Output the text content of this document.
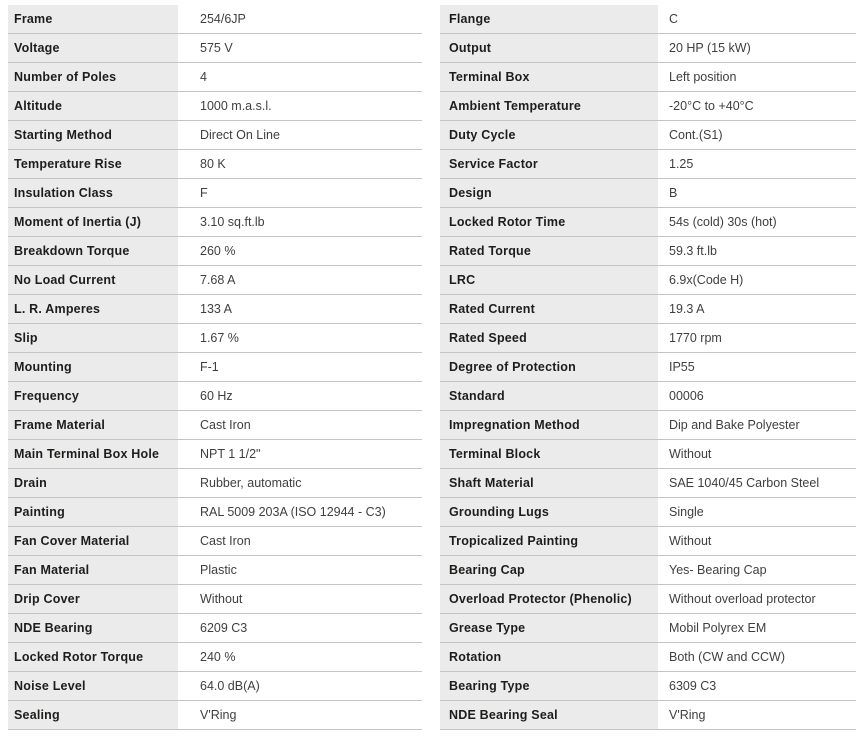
Frame	254/6JP
Voltage	575 V
Number of Poles	4
Altitude	1000 m.a.s.l.
Starting Method	Direct On Line
Temperature Rise	80 K
Insulation Class	F
Moment of Inertia (J)	3.10 sq.ft.lb
Breakdown Torque	260 %
No Load Current	7.68 A
L. R. Amperes	133 A
Slip	1.67 %
Mounting	F-1
Frequency	60 Hz
Frame Material	Cast Iron
Main Terminal Box Hole	NPT 1 1/2"
Drain	Rubber, automatic
Painting	RAL 5009 203A (ISO 12944 - C3)
Fan Cover Material	Cast Iron
Fan Material	Plastic
Drip Cover	Without
NDE Bearing	6209 C3
Locked Rotor Torque	240 %
Noise Level	64.0 dB(A)
Sealing	V'Ring
Flange	C
Output	20 HP (15 kW)
Terminal Box	Left position
Ambient Temperature	-20°C to +40°C
Duty Cycle	Cont.(S1)
Service Factor	1.25
Design	B
Locked Rotor Time	54s (cold) 30s (hot)
Rated Torque	59.3 ft.lb
LRC	6.9x(Code H)
Rated Current	19.3 A
Rated Speed	1770 rpm
Degree of Protection	IP55
Standard	00006
Impregnation Method	Dip and Bake Polyester
Terminal Block	Without
Shaft Material	SAE 1040/45 Carbon Steel
Grounding Lugs	Single
Tropicalized Painting	Without
Bearing Cap	Yes- Bearing Cap
Overload Protector (Phenolic)	Without overload protector
Grease Type	Mobil Polyrex EM
Rotation	Both (CW and CCW)
Bearing Type	6309 C3
NDE Bearing Seal	V'Ring
